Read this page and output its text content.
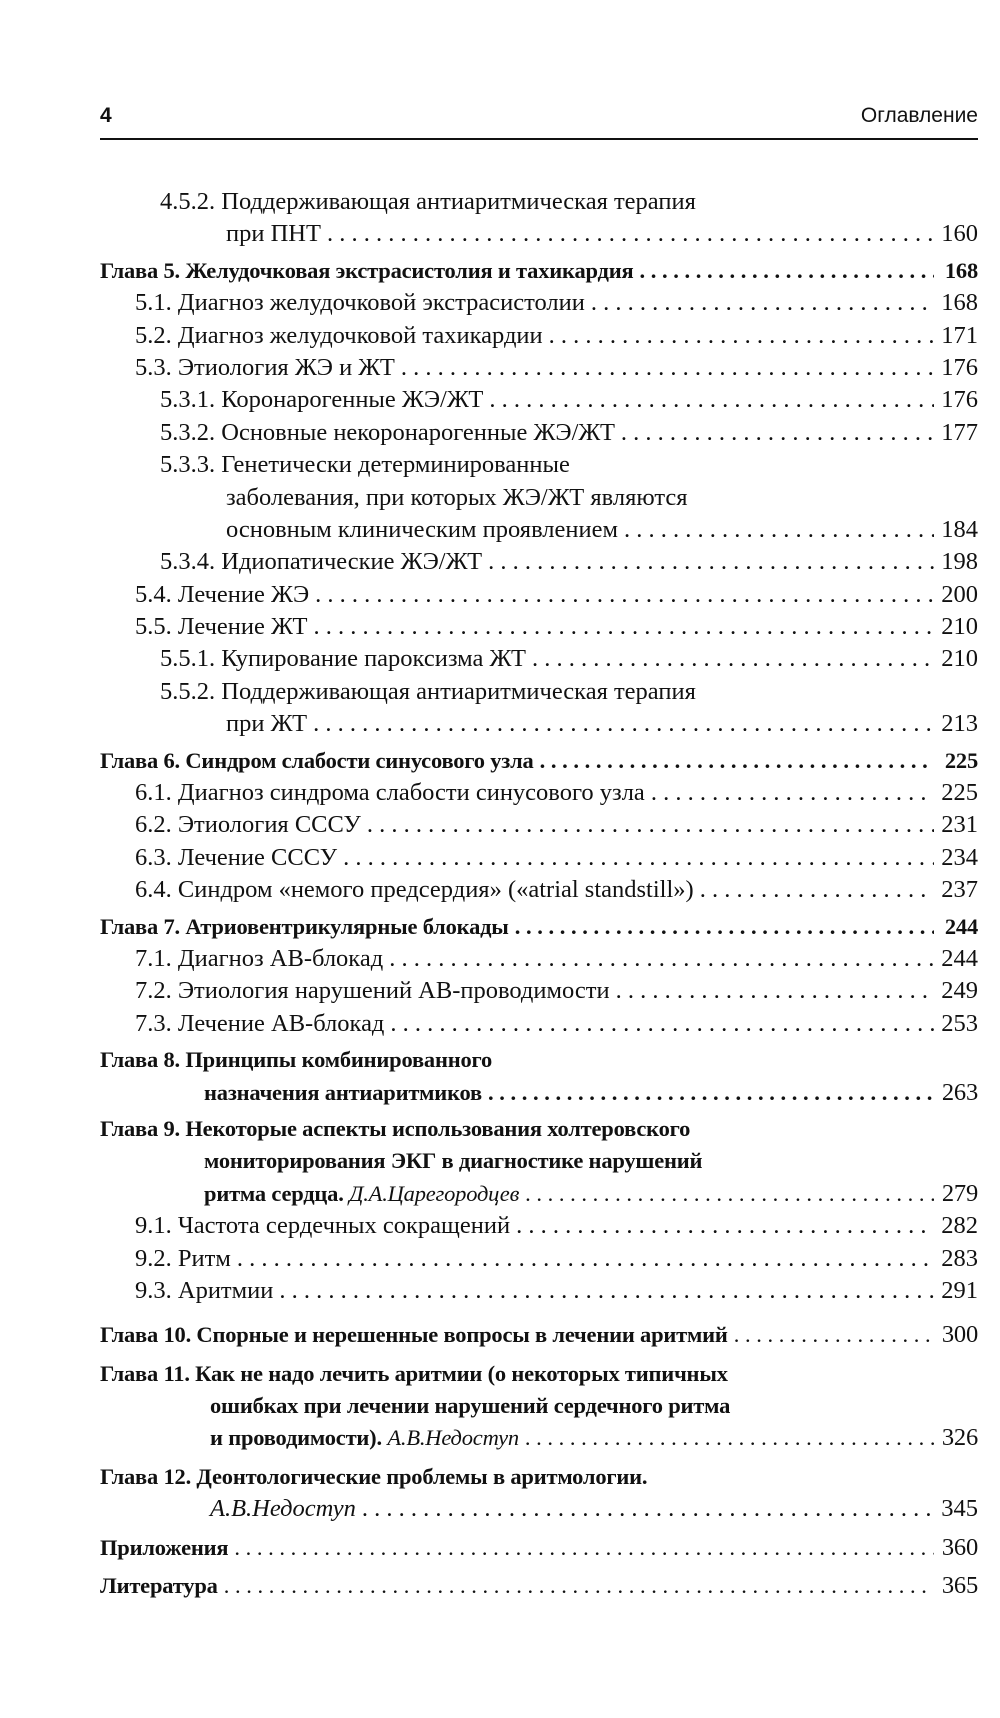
4	Оглавление
4.5.2. Поддерживающая антиаритмическая терапия
при ПНТ . . .	160
Глава 5. Желудочковая экстрасистолия и тахикардия . . .	168
5.1. Диагноз желудочковой экстрасистолии . . .	168
5.2. Диагноз желудочковой тахикардии . . .	171
5.3. Этиология ЖЭ и ЖТ . . .	176
5.3.1. Коронарогенные ЖЭ/ЖТ . . .	176
5.3.2. Основные некоронарогенные ЖЭ/ЖТ . . .	177
5.3.3. Генетически детерминированные
заболевания, при которых ЖЭ/ЖТ являются
основным клиническим проявлением . . .	184
5.3.4. Идиопатические ЖЭ/ЖТ . . .	198
5.4. Лечение ЖЭ . . .	200
5.5. Лечение ЖТ . . .	210
5.5.1. Купирование пароксизма ЖТ . . .	210
5.5.2. Поддерживающая антиаритмическая терапия
при ЖТ . . .	213
Глава 6. Синдром слабости синусового узла . . .	225
6.1. Диагноз синдрома слабости синусового узла . . .	225
6.2. Этиология СССУ . . .	231
6.3. Лечение СССУ . . .	234
6.4. Синдром «немого предсердия» («atrial standstill») . . .	237
Глава 7. Атриовентрикулярные блокады . . .	244
7.1. Диагноз АВ-блокад . . .	244
7.2. Этиология нарушений АВ-проводимости . . .	249
7.3. Лечение АВ-блокад . . .	253
Глава 8. Принципы комбинированного
назначения антиаритмиков . . .	263
Глава 9. Некоторые аспекты использования холтеровского
мониторирования ЭКГ в диагностике нарушений
ритма сердца. Д.А.Царегородцев . . .	279
9.1. Частота сердечных сокращений . . .	282
9.2. Ритм . . .	283
9.3. Аритмии . . .	291
Глава 10. Спорные и нерешенные вопросы в лечении аритмий . . .	300
Глава 11. Как не надо лечить аритмии (о некоторых типичных
ошибках при лечении нарушений сердечного ритма
и проводимости). А.В.Недоступ . . .	326
Глава 12. Деонтологические проблемы в аритмологии.
А.В.Недоступ . . .	345
Приложения . . .	360
Литература . . .	365
